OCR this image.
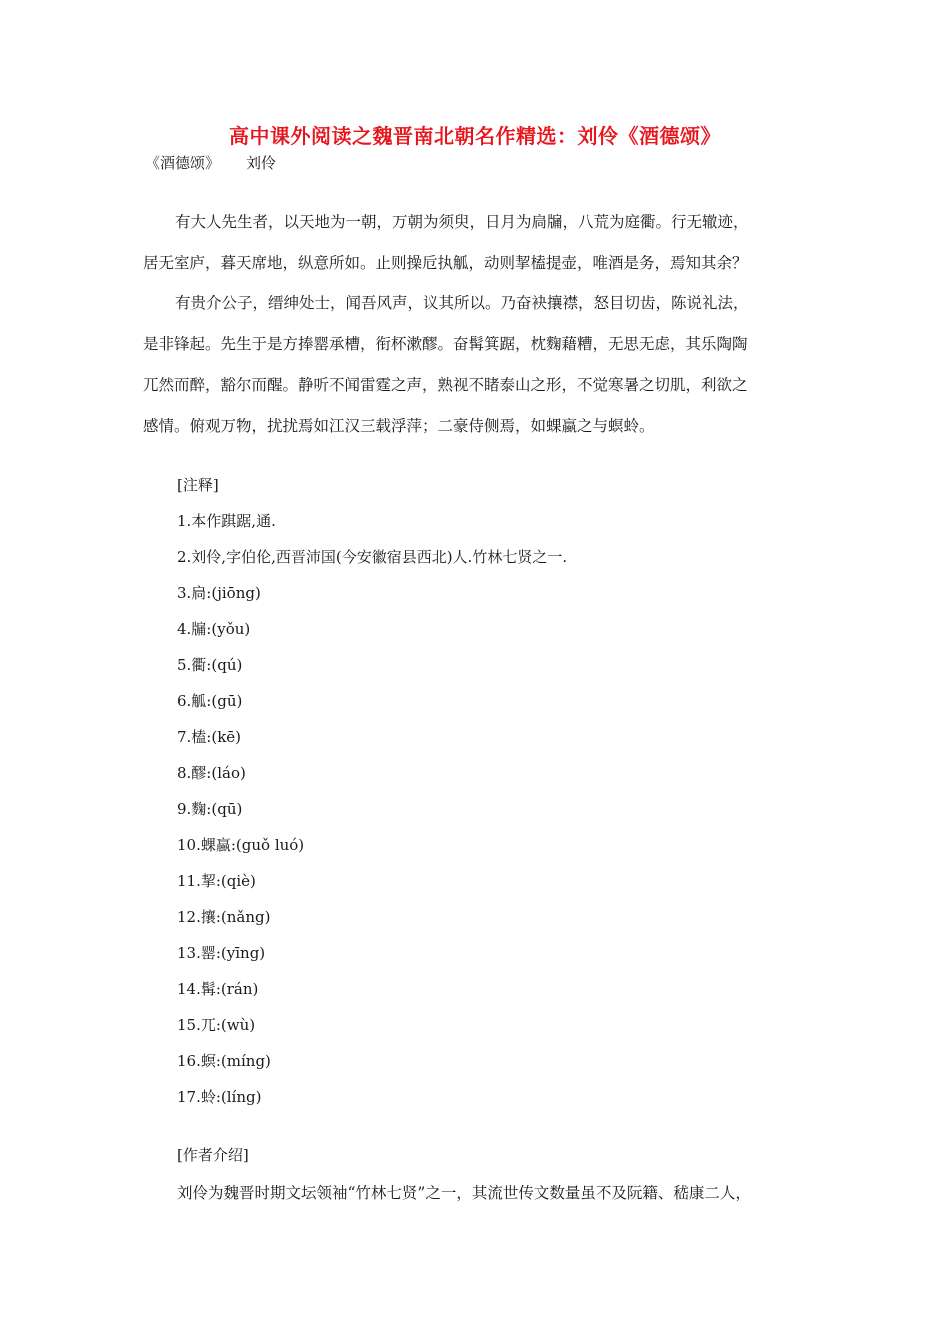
高中课外阅读之魏晋南北朝名作精选：刘伶《酒德颂》
《酒德颂》 刘伶
有大人先生者，以天地为一朝，万朝为须臾，日月为扃牖，八荒为庭衢。行无辙迹，
居无室庐，暮天席地，纵意所如。止则操卮执觚，动则挈榼提壶，唯酒是务，焉知其余？
有贵介公子，缙绅处士，闻吾风声，议其所以。乃奋袂攘襟，怒目切齿，陈说礼法，
是非锋起。先生于是方捧罂承槽，衔杯漱醪。奋髯箕踞，枕麴藉糟，无思无虑，其乐陶陶
兀然而醉，豁尔而醒。静听不闻雷霆之声，熟视不睹泰山之形，不觉寒暑之切肌，利欲之
感情。俯观万物，扰扰焉如江汉三载浮萍；二豪侍侧焉，如蜾蠃之与螟蛉。
[注释]
1.本作踑踞,通.
2.刘伶,字伯伦,西晋沛国(今安徽宿县西北)人.竹林七贤之一.
3.扃:(jiōng)
4.牖:(yǒu)
5.衢:(qú)
6.觚:(gū)
7.榼:(kē)
8.醪:(láo)
9.麴:(qū)
10.蜾蠃:(guǒ luó)
11.挈:(qiè)
12.攘:(nǎng)
13.罂:(yīng)
14.髯:(rán)
15.兀:(wù)
16.螟:(míng)
17.蛉:(líng)
[作者介绍]
刘伶为魏晋时期文坛领袖“竹林七贤”之一，其流世传文数量虽不及阮籍、嵇康二人，
